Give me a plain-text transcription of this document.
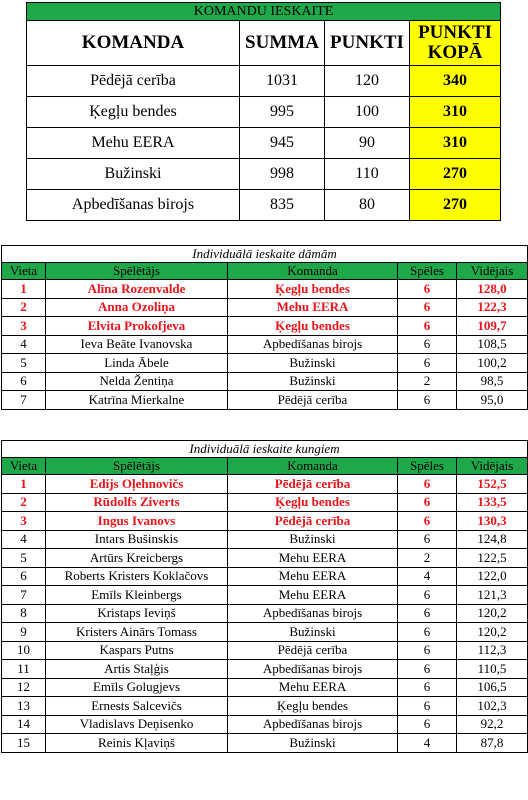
KOMANDU IESKAITE			
KOMANDA	SUMMA	PUNKTI	PUNKTI KOPĀ
Pēdējā cerība	1031	120	340
Ķegļu bendes	995	100	310
Mehu EERA	945	90	310
Bužinski	998	110	270
Apbedīšanas birojs	835	80	270
Individuālā ieskaite dāmām				
Vieta	Spēlētājs	Komanda	Spēles	Vidējais
1	Alīna Rozenvalde	Ķegļu bendes	6	128,0
2	Anna Ozoliņa	Mehu EERA	6	122,3
3	Elvita Prokofjeva	Ķegļu bendes	6	109,7
4	Ieva Beāte Ivanovska	Apbedīšanas birojs	6	108,5
5	Linda Ābele	Bužinski	6	100,2
6	Nelda Žentiņa	Bužinski	2	98,5
7	Katrīna Mierkalne	Pēdējā cerība	6	95,0
Individuālā ieskaite kungiem				
Vieta	Spēlētājs	Komanda	Spēles	Vidējais
1	Edijs Oļehnovičs	Pēdējā cerība	6	152,5
2	Rūdolfs Ziverts	Ķegļu bendes	6	133,5
3	Ingus Ivanovs	Pēdējā cerība	6	130,3
4	Intars Bušinskis	Bužinski	6	124,8
5	Artūrs Kreicbergs	Mehu EERA	2	122,5
6	Roberts Kristers Koklačovs	Mehu EERA	4	122,0
7	Emīls Kleinbergs	Mehu EERA	6	121,3
8	Kristaps Ieviņš	Apbedīšanas birojs	6	120,2
9	Kristers Ainārs Tomass	Bužinski	6	120,2
10	Kaspars Putns	Pēdējā cerība	6	112,3
11	Artis Staļģis	Apbedīšanas birojs	6	110,5
12	Emīls Golugjevs	Mehu EERA	6	106,5
13	Ernests Salcevičs	Ķegļu bendes	6	102,3
14	Vladislavs Deņisenko	Apbedīšanas birojs	6	92,2
15	Reinis Kļaviņš	Bužinski	4	87,8
